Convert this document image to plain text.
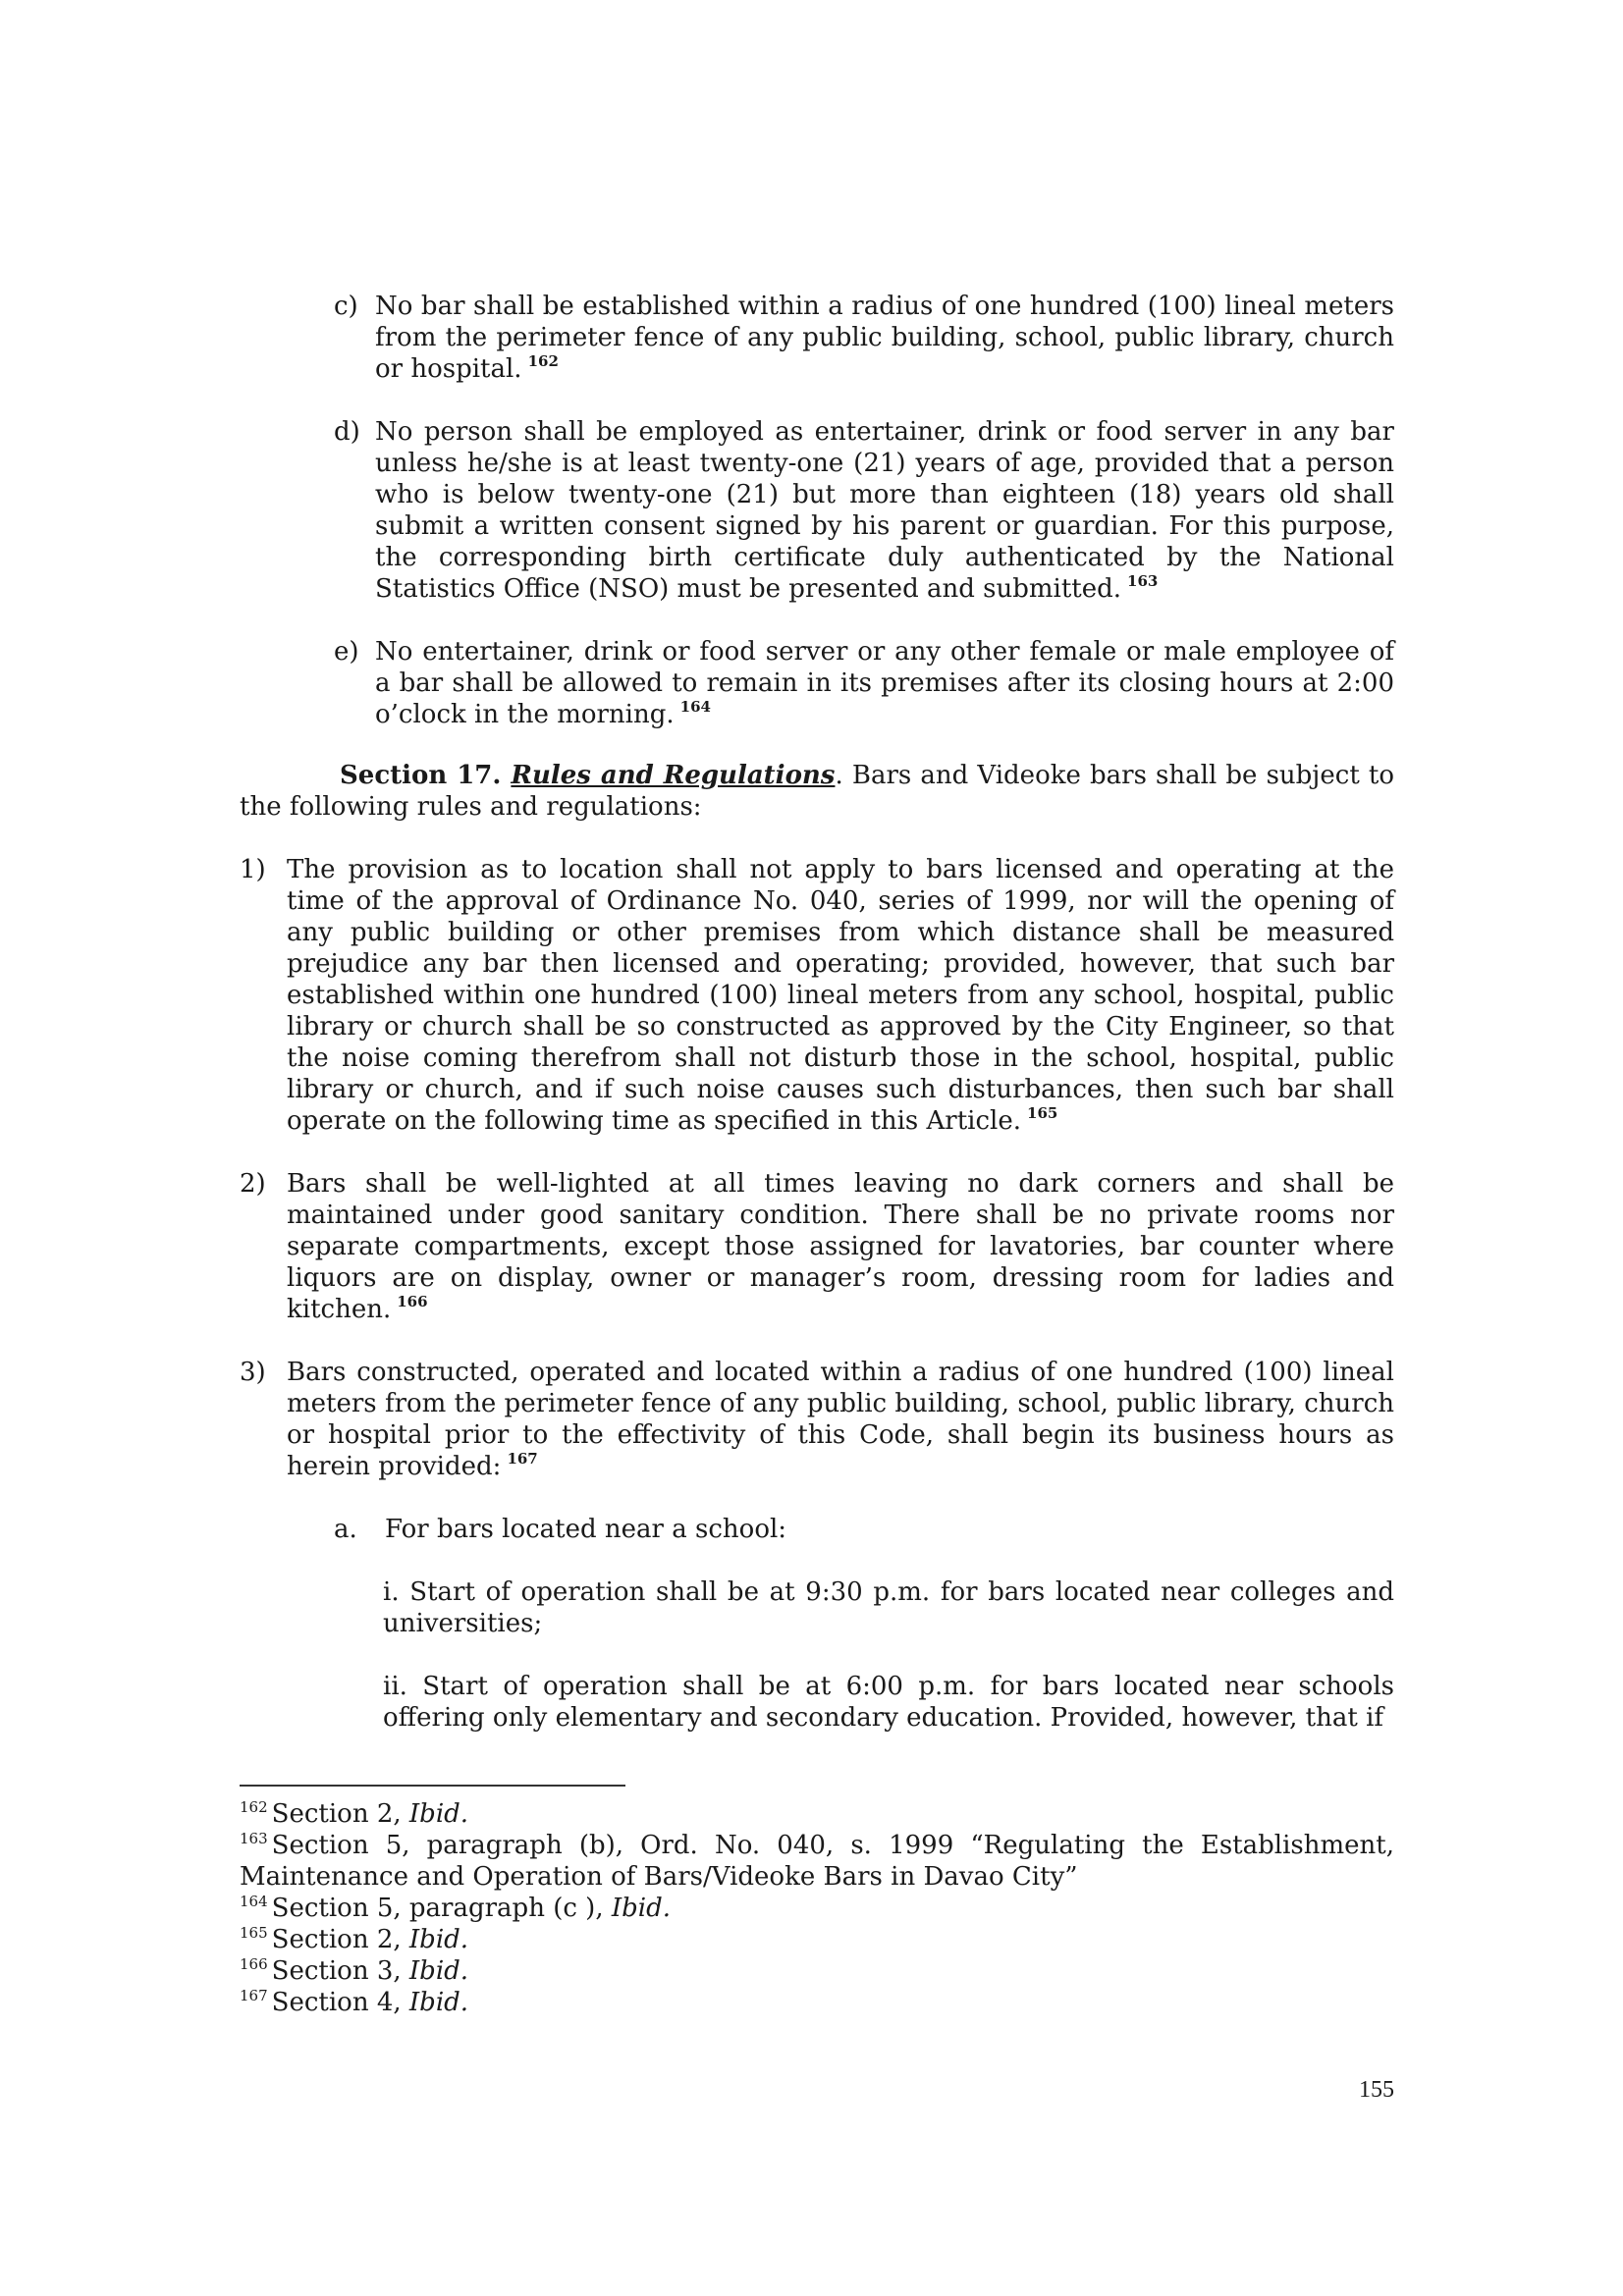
c) No bar shall be established within a radius of one hundred (100) lineal meters from the perimeter fence of any public building, school, public library, church or hospital. $^{162}$
d) No person shall be employed as entertainer, drink or food server in any bar unless he/she is at least twenty-one (21) years of age, provided that a person who is below twenty-one (21) but more than eighteen (18) years old shall submit a written consent signed by his parent or guardian. For this purpose, the corresponding birth certificate duly authenticated by the National Statistics Office (NSO) must be presented and submitted. $^{163}$
e) No entertainer, drink or food server or any other female or male employee of a bar shall be allowed to remain in its premises after its closing hours at 2:00 o’clock in the morning. $^{164}$

Section 17. Rules and Regulations. Bars and Videoke bars shall be subject to the following rules and regulations:

1) The provision as to location shall not apply to bars licensed and operating at the time of the approval of Ordinance No. 040, series of 1999, nor will the opening of any public building or other premises from which distance shall be measured prejudice any bar then licensed and operating; provided, however, that such bar established within one hundred (100) lineal meters from any school, hospital, public library or church shall be so constructed as approved by the City Engineer, so that the noise coming therefrom shall not disturb those in the school, hospital, public library or church, and if such noise causes such disturbances, then such bar shall operate on the following time as specified in this Article. $^{165}$
2) Bars shall be well-lighted at all times leaving no dark corners and shall be maintained under good sanitary condition. There shall be no private rooms nor separate compartments, except those assigned for lavatories, bar counter where liquors are on display, owner or manager’s room, dressing room for ladies and kitchen. $^{166}$
3) Bars constructed, operated and located within a radius of one hundred (100) lineal meters from the perimeter fence of any public building, school, public library, church or hospital prior to the effectivity of this Code, shall begin its business hours as herein provided: $^{167}$
a.	For bars located near a school:

i. Start of operation shall be at 9:30 p.m. for bars located near colleges and universities;

ii. Start of operation shall be at 6:00 p.m. for bars located near schools offering only elementary and secondary education. Provided, however, that if

$^{162}$ Section 2, Ibid.

$^{163}$ Section 5, paragraph (b), Ord. No. 040, s. 1999 “Regulating the Establishment, Maintenance and Operation of Bars/Videoke Bars in Davao City”

$^{164}$ Section 5, paragraph (c ), Ibid.

$^{165}$ Section 2, Ibid.

$^{166}$ Section 3, Ibid.

$^{167}$ Section 4, Ibid.

155
